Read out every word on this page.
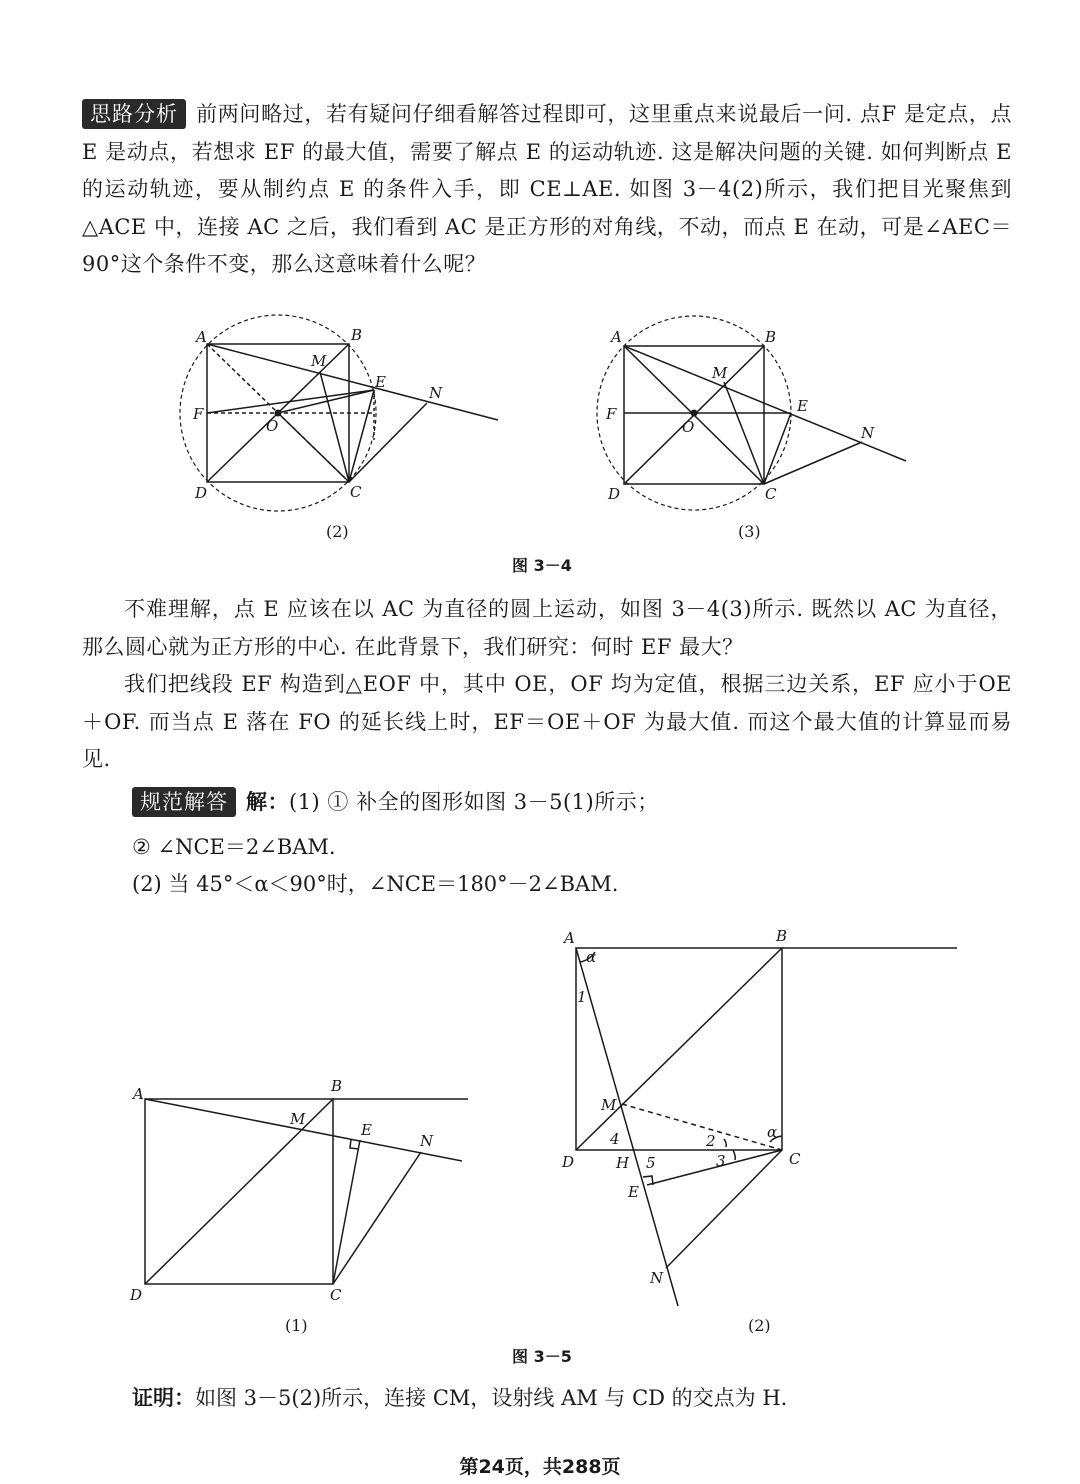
思路分析 前两问略过，若有疑问仔细看解答过程即可，这里重点来说最后一问. 点F 是定点，点 E 是动点，若想求 EF 的最大值，需要了解点 E 的运动轨迹. 这是解决问题的关键. 如何判断点 E 的运动轨迹，要从制约点 E 的条件入手，即 CE⊥AE. 如图 3－4(2)所示，我们把目光聚焦到△ACE 中，连接 AC 之后，我们看到 AC 是正方形的对角线，不动，而点 E 在动，可是∠AEC＝90°这个条件不变，那么这意味着什么呢？
A	B
C
D
E
F
M
N
O
(2)
A	B
C
D
E
F
M
N
O
(3)
图 3－4
不难理解，点 E 应该在以 AC 为直径的圆上运动，如图 3－4(3)所示. 既然以 AC 为直径，那么圆心就为正方形的中心. 在此背景下，我们研究：何时 EF 最大？
我们把线段 EF 构造到△EOF 中，其中 OE，OF 均为定值，根据三边关系，EF 应小于OE＋OF. 而当点 E 落在 FO 的延长线上时，EF＝OE＋OF 为最大值. 而这个最大值的计算显而易见.
规范解答 解：(1) ① 补全的图形如图 3－5(1)所示；
② ∠NCE＝2∠BAM.
(2) 当 45°＜α＜90°时，∠NCE＝180°－2∠BAM.
A	B
C
D
E
M
N
(1)
A	B
C
D
E
M
N
H
α
α
1
2
3
4
5
(2)
图 3－5
证明：如图 3－5(2)所示，连接 CM，设射线 AM 与 CD 的交点为 H.
第24页，共288页
